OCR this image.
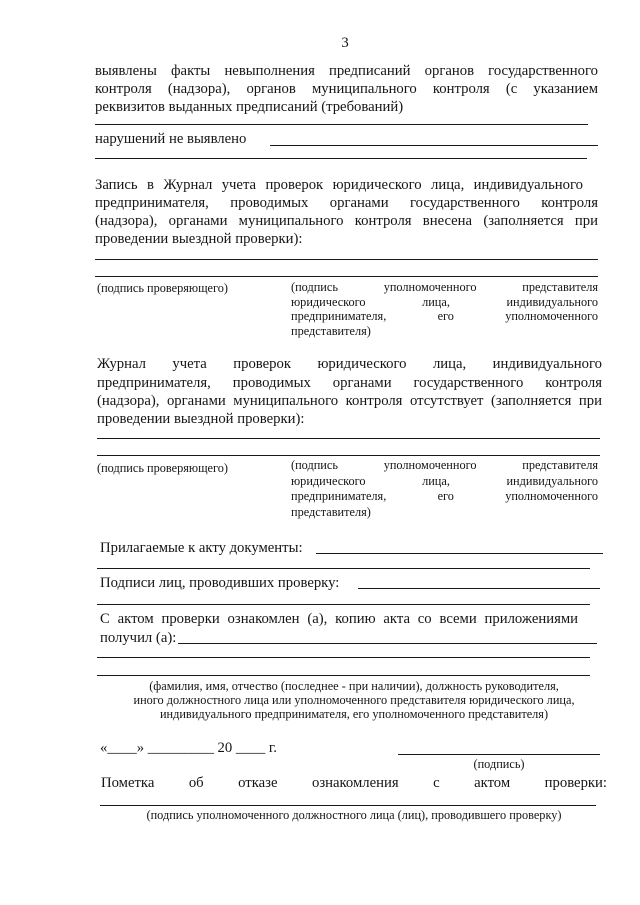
3
выявлены факты невыполнения предписаний органов государственного
контроля (надзора), органов муниципального контроля (с указанием
реквизитов выданных предписаний (требований)
нарушений не выявлено
Запись в Журнал учета проверок юридического лица, индивидуального
предпринимателя, проводимых органами государственного контроля
(надзора), органами муниципального контроля внесена (заполняется при
проведении выездной проверки):
(подпись проверяющего)	(подпись уполномоченного представителя
юридического лица, индивидуального
предпринимателя, его уполномоченного
представителя)
Журнал учета проверок юридического лица, индивидуального
предпринимателя, проводимых органами государственного контроля
(надзора), органами муниципального контроля отсутствует (заполняется при
проведении выездной проверки):
(подпись проверяющего)	(подпись уполномоченного представителя
юридического лица, индивидуального
предпринимателя, его уполномоченного
представителя)
Прилагаемые к акту документы:
Подписи лиц, проводивших проверку:
С актом проверки ознакомлен (а), копию акта со всеми приложениями
получил (а):
(фамилия, имя, отчество (последнее - при наличии), должность руководителя,
иного должностного лица или уполномоченного представителя юридического лица,
индивидуального предпринимателя, его уполномоченного представителя)
«____» _________ 20 ____ г.
(подпись)
Пометка об отказе ознакомления с актом проверки:
(подпись уполномоченного должностного лица (лиц), проводившего проверку)
